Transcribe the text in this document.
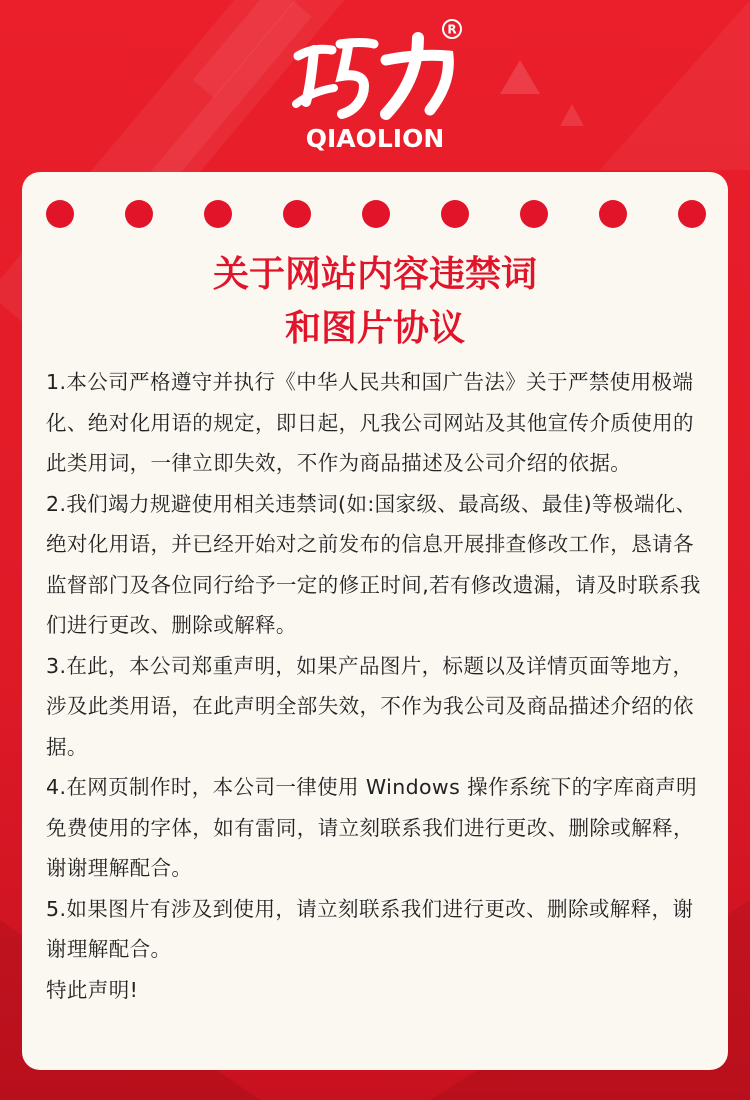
R
QIAOLION
关于网站内容违禁词
和图片协议

1.本公司严格遵守并执行《中华人民共和国广告法》关于严禁使用极端化、绝对化用语的规定，即日起，凡我公司网站及其他宣传介质使用的此类用词，一律立即失效，不作为商品描述及公司介绍的依据。

2.我们竭力规避使用相关违禁词(如:国家级、最高级、最佳)等极端化、绝对化用语，并已经开始对之前发布的信息开展排查修改工作，恳请各监督部门及各位同行给予一定的修正时间,若有修改遗漏，请及时联系我们进行更改、删除或解释。

3.在此，本公司郑重声明，如果产品图片，标题以及详情页面等地方，涉及此类用语，在此声明全部失效，不作为我公司及商品描述介绍的依据。

4.在网页制作时，本公司一律使用 Windows 操作系统下的字库商声明免费使用的字体，如有雷同，请立刻联系我们进行更改、删除或解释，谢谢理解配合。

5.如果图片有涉及到使用，请立刻联系我们进行更改、删除或解释，谢谢理解配合。

特此声明!
